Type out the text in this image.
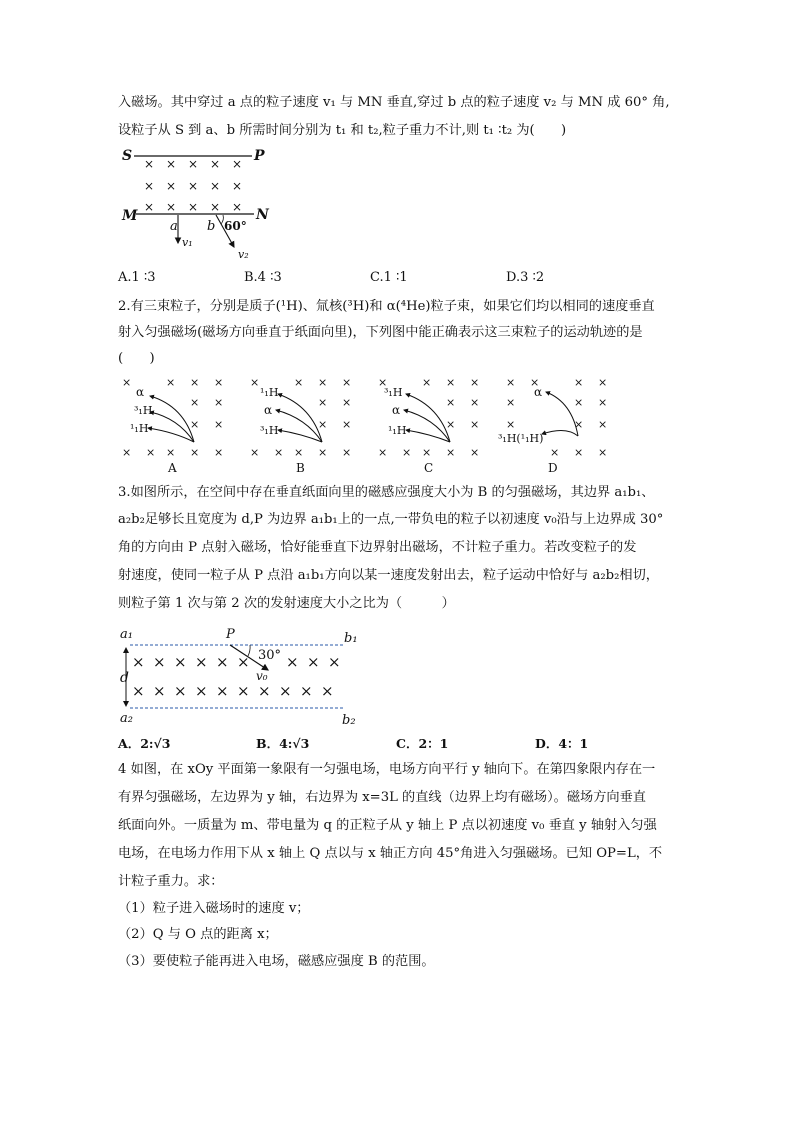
入磁场。其中穿过 a 点的粒子速度 v₁ 与 MN 垂直,穿过 b 点的粒子速度 v₂ 与 MN 成 60° 角,
设粒子从 S 到 a、b 所需时间分别为 t₁ 和 t₂,粒子重力不计,则 t₁ ∶t₂ 为(　　)
S	P
× × × × ×
× × × × ×
× × × × ×
M	N
a b
v₁
60°
v₂
A.1 ∶3	B.4 ∶3	C.1 ∶1	D.3 ∶2
2.有三束粒子，分别是质子(¹H)、氚核(³H)和 α(⁴He)粒子束，如果它们均以相同的速度垂直
射入匀强磁场(磁场方向垂直于纸面向里)，下列图中能正确表示这三束粒子的运动轨迹的是
(　　)
×	× × ×
× ×
× ×
× × × × ×
α
³₁H
¹₁H
A
×	× × ×
× ×
× ×
× × × × ×
¹₁H
α
³₁H
B
×	× × ×
× ×
× ×
× × × × ×
³₁H
α
¹₁H
C
× ×	× ×
×	× ×
×	× ×
× × ×
α
³₁H(¹₁H)
D
3.如图所示，在空间中存在垂直纸面向里的磁感应强度大小为 B 的匀强磁场，其边界 a₁b₁、
a₂b₂足够长且宽度为 d,P 为边界 a₁b₁上的一点,一带负电的粒子以初速度 v₀沿与上边界成 30°
角的方向由 P 点射入磁场，恰好能垂直下边界射出磁场，不计粒子重力。若改变粒子的发
射速度，使同一粒子从 P 点沿 a₁b₁方向以某一速度发射出去，粒子运动中恰好与 a₂b₂相切，
则粒子第 1 次与第 2 次的发射速度大小之比为（　　　）
a₁	b₁
P
30°
v₀
d
× × × × × × × × ×
× × × × × × × × × ×
a₂	b₂
A．2:√3	B．4:√3	C．2：1	D．4：1
4 如图，在 xOy 平面第一象限有一匀强电场，电场方向平行 y 轴向下。在第四象限内存在一
有界匀强磁场，左边界为 y 轴，右边界为 x=3L 的直线（边界上均有磁场）。磁场方向垂直
纸面向外。一质量为 m、带电量为 q 的正粒子从 y 轴上 P 点以初速度 v₀ 垂直 y 轴射入匀强
电场，在电场力作用下从 x 轴上 Q 点以与 x 轴正方向 45°角进入匀强磁场。已知 OP=L，不
计粒子重力。求：
（1）粒子进入磁场时的速度 v；
（2）Q 与 O 点的距离 x；
（3）要使粒子能再进入电场，磁感应强度 B 的范围。
